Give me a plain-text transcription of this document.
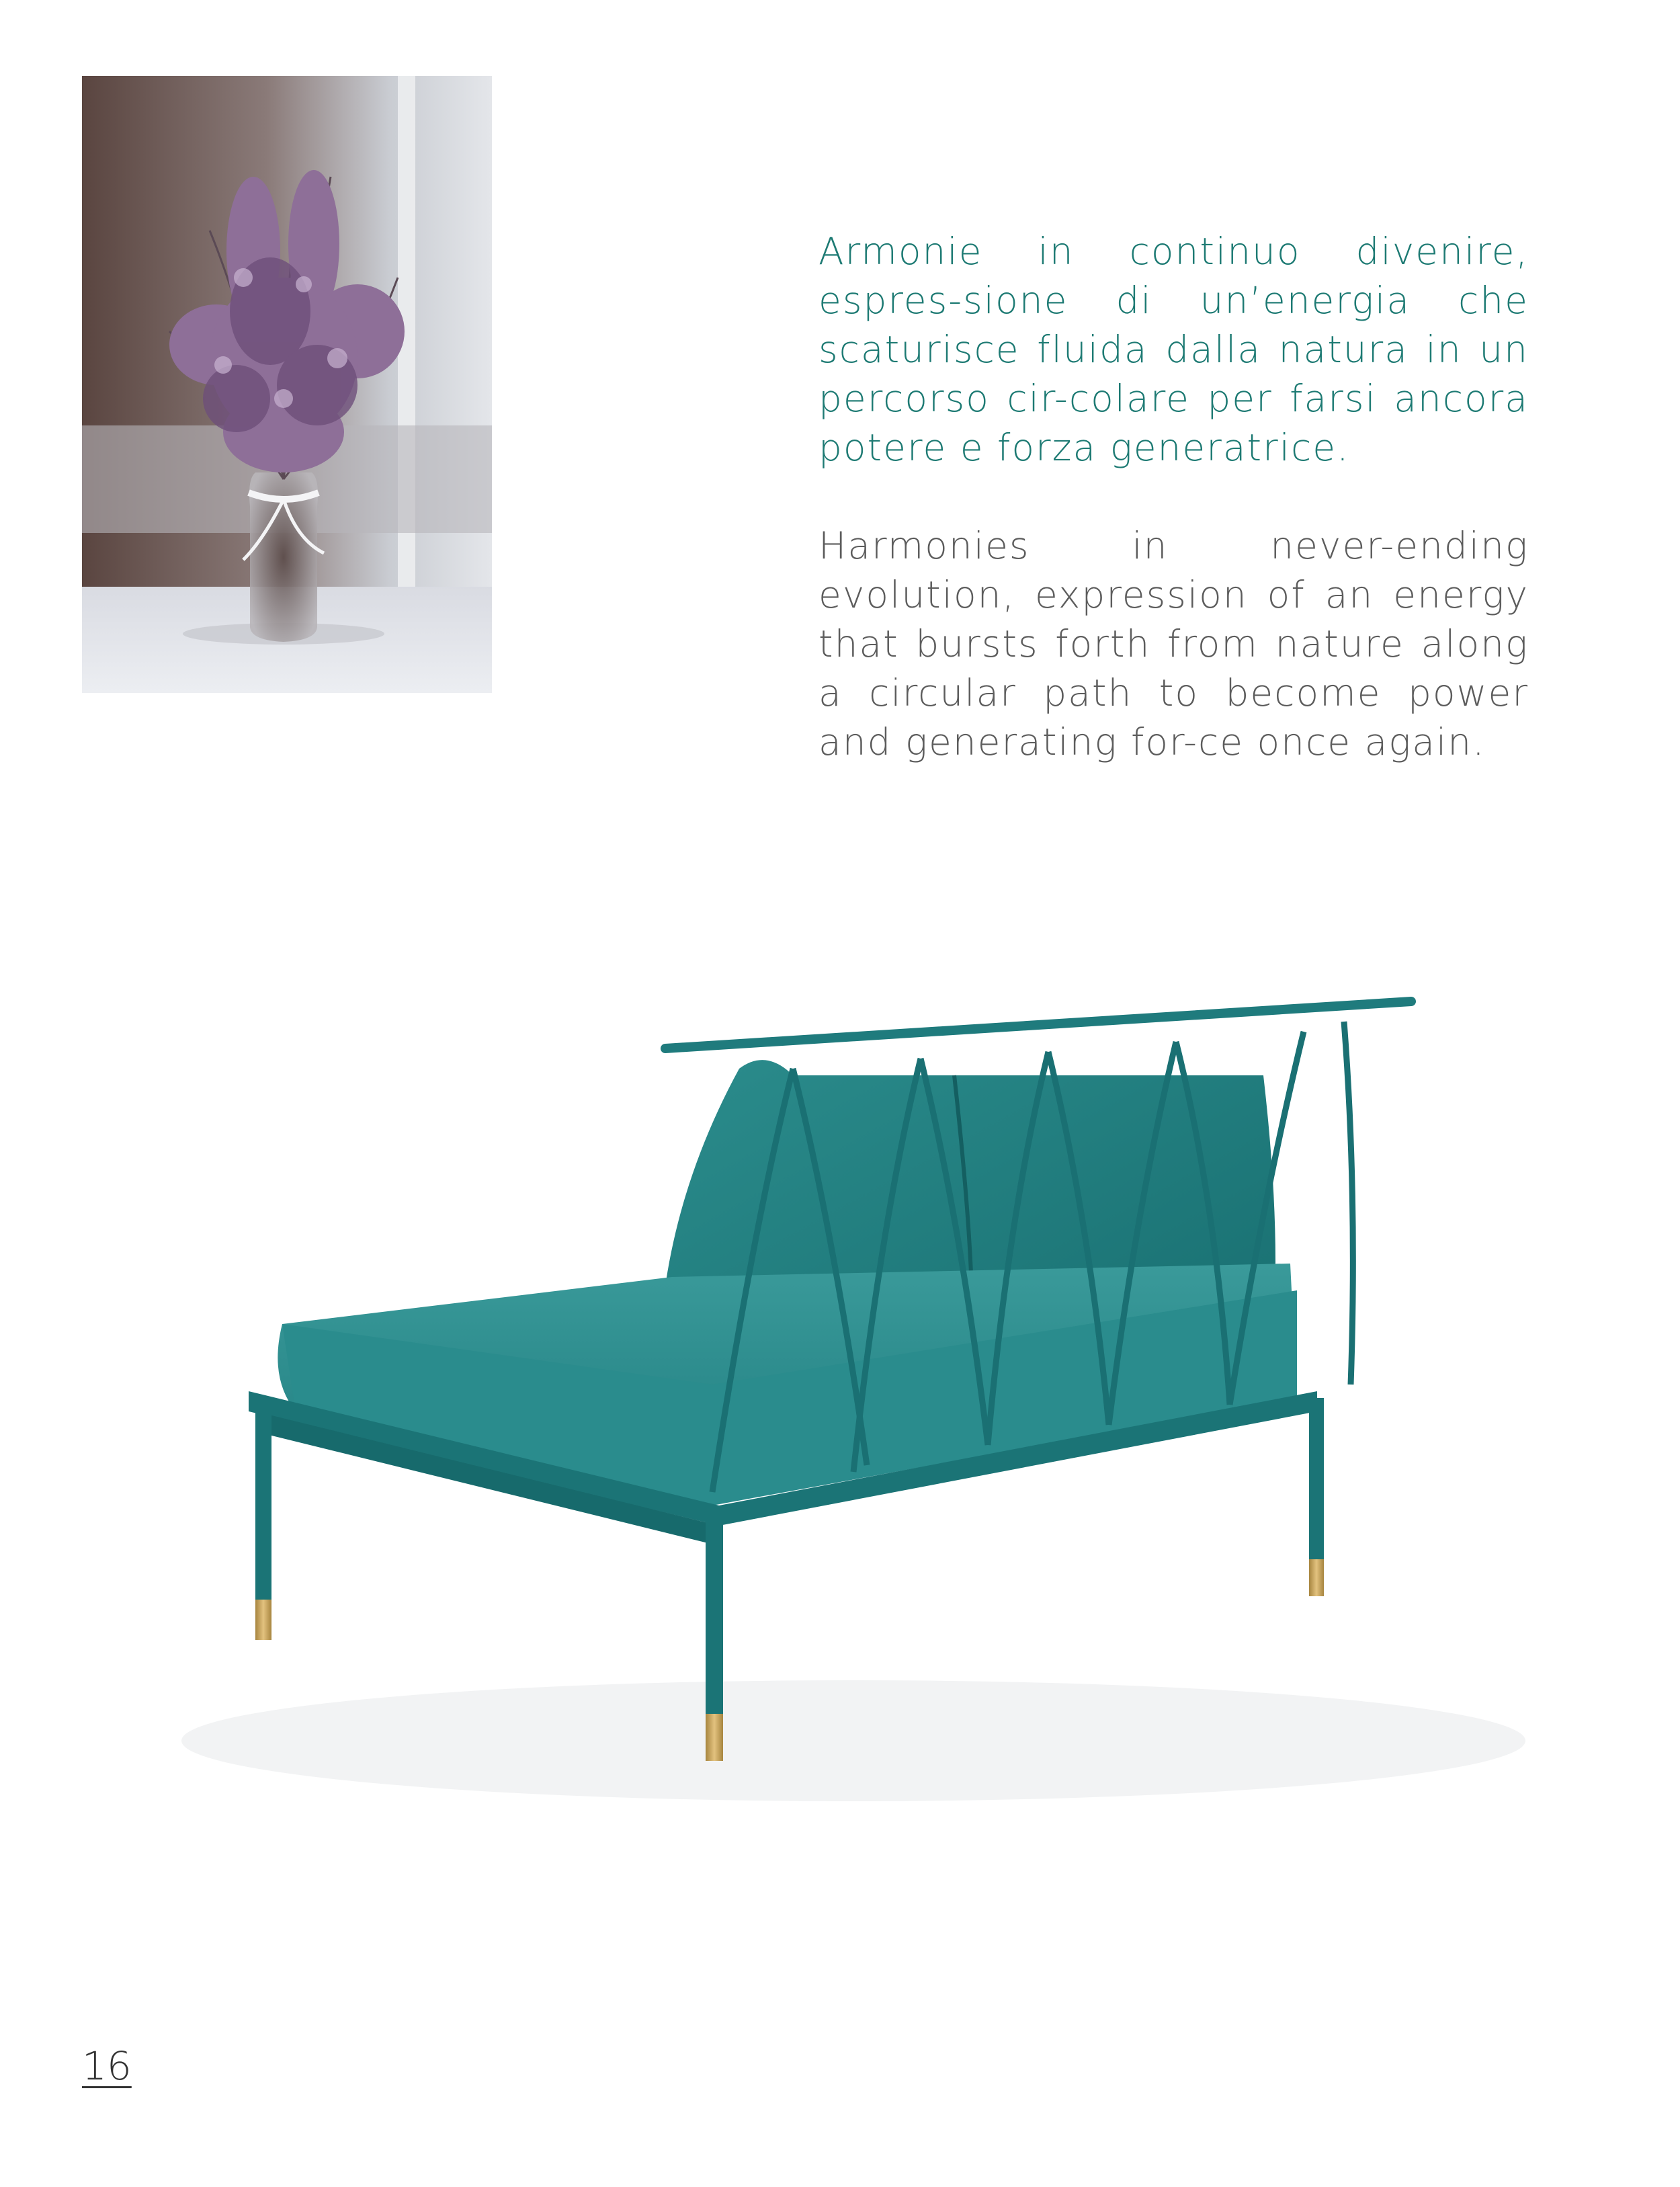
Armonie in continuo divenire, espres-sione di un’energia che scaturisce fluida dalla natura in un percorso cir-colare per farsi ancora potere e forza generatrice.

Harmonies in never-ending evolution, expression of an energy that bursts forth from nature along a circular path to become power and generating for-ce once again.

16
